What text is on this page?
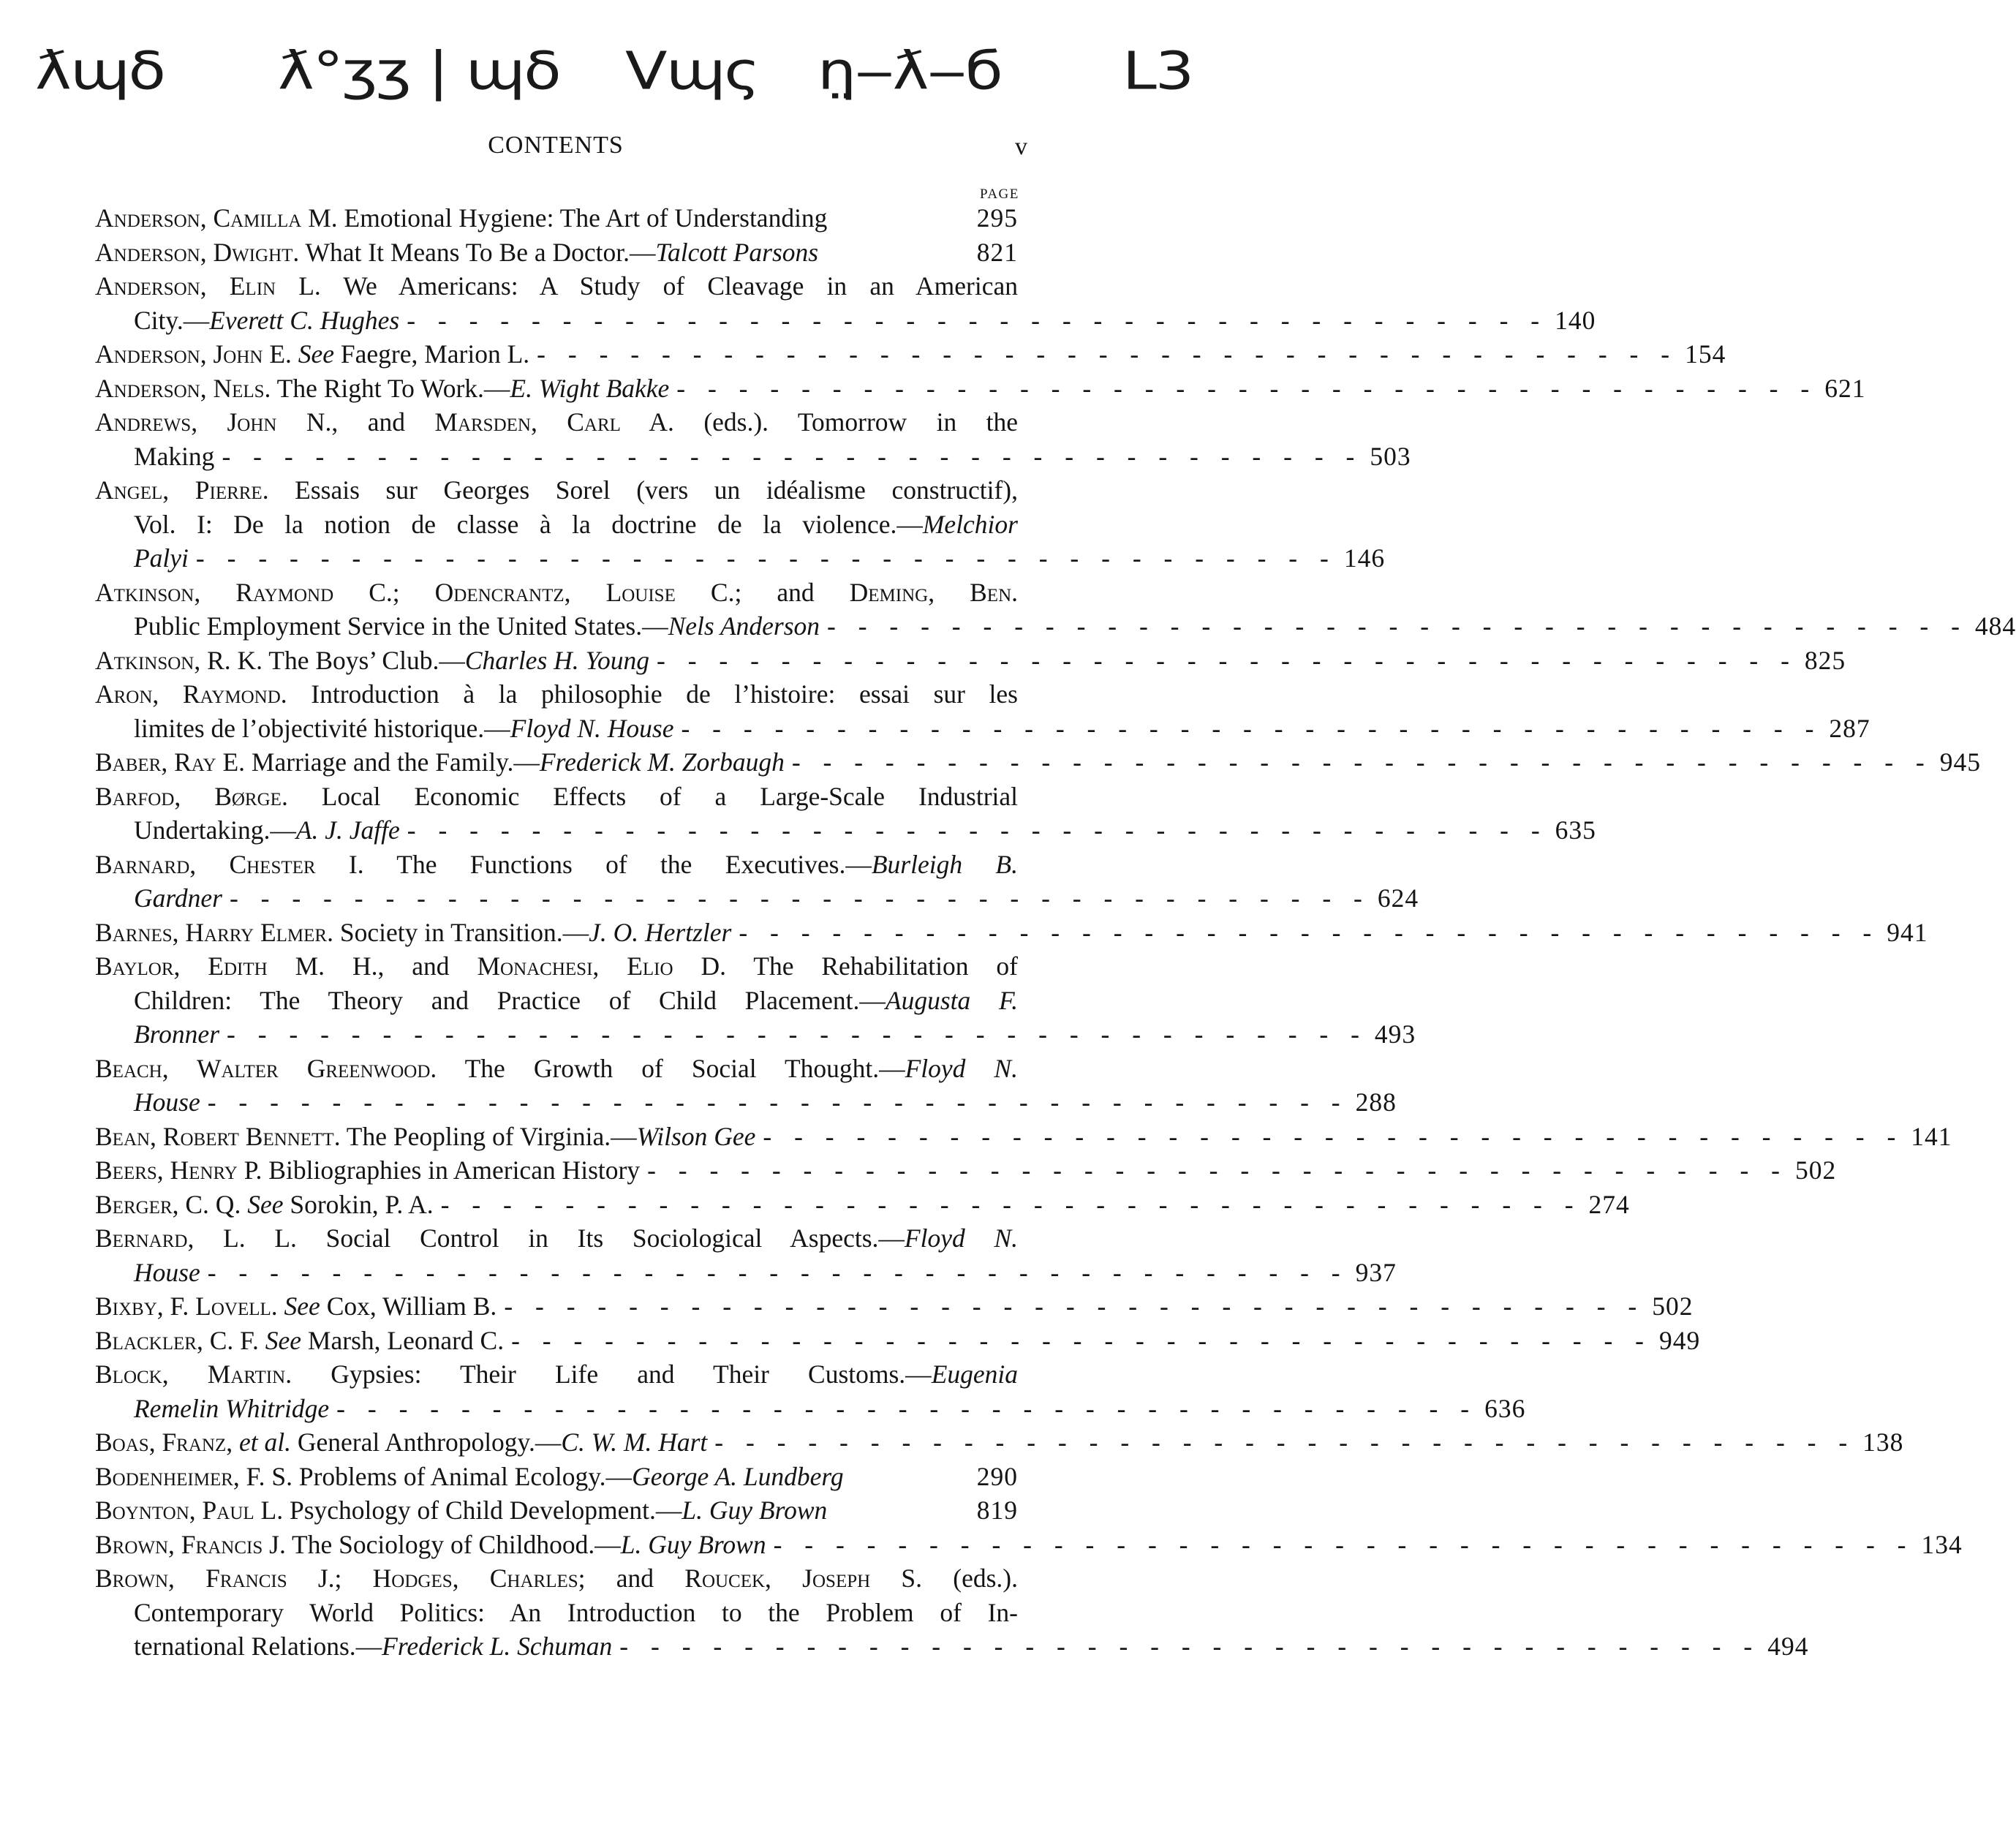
ƛɰδ ƛ°ʒʒ | ɰδ Vɰς η̤‒ƛ‒б L3
CONTENTS	v
PAGE
Anderson, Camilla M. Emotional Hygiene: The Art of Understanding	295
Anderson, Dwight. What It Means To Be a Doctor.—Talcott Parsons	821
Anderson, Elin L. We Americans: A Study of Cleavage in an American
City.—Everett C. Hughes - - - - - - - - - - - - - - - - - - - - - - - - - - - - - - - - - - - - - 140
Anderson, John E. See Faegre, Marion L. - - - - - - - - - - - - - - - - - - - - - - - - - - - - - - - - - - - - - 154
Anderson, Nels. The Right To Work.—E. Wight Bakke - - - - - - - - - - - - - - - - - - - - - - - - - - - - - - - - - - - - - 621
Andrews, John N., and Marsden, Carl A. (eds.). Tomorrow in the
Making - - - - - - - - - - - - - - - - - - - - - - - - - - - - - - - - - - - - - 503
Angel, Pierre. Essais sur Georges Sorel (vers un idéalisme constructif),
Vol. I: De la notion de classe à la doctrine de la violence.—Melchior
Palyi - - - - - - - - - - - - - - - - - - - - - - - - - - - - - - - - - - - - - 146
Atkinson, Raymond C.; Odencrantz, Louise C.; and Deming, Ben.
Public Employment Service in the United States.—Nels Anderson - - - - - - - - - - - - - - - - - - - - - - - - - - - - - - - - - - - - - 484
Atkinson, R. K. The Boys’ Club.—Charles H. Young - - - - - - - - - - - - - - - - - - - - - - - - - - - - - - - - - - - - - 825
Aron, Raymond. Introduction à la philosophie de l’histoire: essai sur les
limites de l’objectivité historique.—Floyd N. House - - - - - - - - - - - - - - - - - - - - - - - - - - - - - - - - - - - - - 287
Baber, Ray E. Marriage and the Family.—Frederick M. Zorbaugh - - - - - - - - - - - - - - - - - - - - - - - - - - - - - - - - - - - - - 945
Barfod, Børge. Local Economic Effects of a Large-Scale Industrial
Undertaking.—A. J. Jaffe - - - - - - - - - - - - - - - - - - - - - - - - - - - - - - - - - - - - - 635
Barnard, Chester I. The Functions of the Executives.—Burleigh B.
Gardner - - - - - - - - - - - - - - - - - - - - - - - - - - - - - - - - - - - - - 624
Barnes, Harry Elmer. Society in Transition.—J. O. Hertzler - - - - - - - - - - - - - - - - - - - - - - - - - - - - - - - - - - - - - 941
Baylor, Edith M. H., and Monachesi, Elio D. The Rehabilitation of
Children: The Theory and Practice of Child Placement.—Augusta F.
Bronner - - - - - - - - - - - - - - - - - - - - - - - - - - - - - - - - - - - - - 493
Beach, Walter Greenwood. The Growth of Social Thought.—Floyd N.
House - - - - - - - - - - - - - - - - - - - - - - - - - - - - - - - - - - - - - 288
Bean, Robert Bennett. The Peopling of Virginia.—Wilson Gee - - - - - - - - - - - - - - - - - - - - - - - - - - - - - - - - - - - - - 141
Beers, Henry P. Bibliographies in American History - - - - - - - - - - - - - - - - - - - - - - - - - - - - - - - - - - - - - 502
Berger, C. Q. See Sorokin, P. A. - - - - - - - - - - - - - - - - - - - - - - - - - - - - - - - - - - - - - 274
Bernard, L. L. Social Control in Its Sociological Aspects.—Floyd N.
House - - - - - - - - - - - - - - - - - - - - - - - - - - - - - - - - - - - - - 937
Bixby, F. Lovell. See Cox, William B. - - - - - - - - - - - - - - - - - - - - - - - - - - - - - - - - - - - - - 502
Blackler, C. F. See Marsh, Leonard C. - - - - - - - - - - - - - - - - - - - - - - - - - - - - - - - - - - - - - 949
Block, Martin. Gypsies: Their Life and Their Customs.—Eugenia
Remelin Whitridge - - - - - - - - - - - - - - - - - - - - - - - - - - - - - - - - - - - - - 636
Boas, Franz, et al. General Anthropology.—C. W. M. Hart - - - - - - - - - - - - - - - - - - - - - - - - - - - - - - - - - - - - - 138
Bodenheimer, F. S. Problems of Animal Ecology.—George A. Lundberg	290
Boynton, Paul L. Psychology of Child Development.—L. Guy Brown	819
Brown, Francis J. The Sociology of Childhood.—L. Guy Brown - - - - - - - - - - - - - - - - - - - - - - - - - - - - - - - - - - - - - 134
Brown, Francis J.; Hodges, Charles; and Roucek, Joseph S. (eds.).
Contemporary World Politics: An Introduction to the Problem of In-
ternational Relations.—Frederick L. Schuman - - - - - - - - - - - - - - - - - - - - - - - - - - - - - - - - - - - - - 494
